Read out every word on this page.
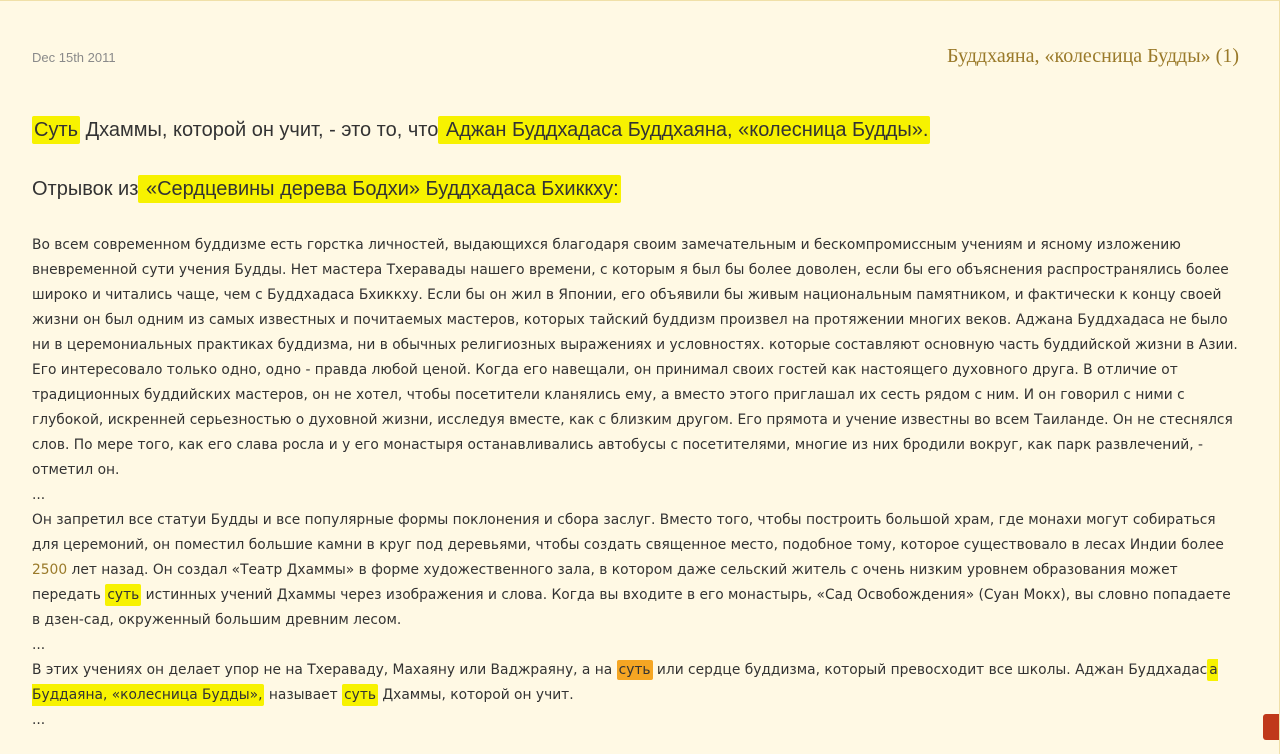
Dec 15th 2011	Буддхаяна, «колесница Будды» (1)
Суть Дхаммы, которой он учит, - это то, что Аджан Буддхадаса Буддхаяна, «колесница Будды».
Отрывок из «Сердцевины дерева Бодхи» Буддхадаса Бхиккху:

Во всем современном буддизме есть горстка личностей, выдающихся благодаря своим замечательным и бескомпромиссным учениям и ясному изложению вневременной сути учения Будды. Нет мастера Тхеравады нашего времени, с которым я был бы более доволен, если бы его объяснения распространялись более широко и читались чаще, чем с Буддхадаса Бхиккху. Если бы он жил в Японии, его объявили бы живым национальным памятником, и фактически к концу своей жизни он был одним из самых известных и почитаемых мастеров, которых тайский буддизм произвел на протяжении многих веков. Аджана Буддхадаса не было ни в церемониальных практиках буддизма, ни в обычных религиозных выражениях и условностях. которые составляют основную часть буддийской жизни в Азии. Его интересовало только одно, одно - правда любой ценой. Когда его навещали, он принимал своих гостей как настоящего духовного друга. В отличие от традиционных буддийских мастеров, он не хотел, чтобы посетители кланялись ему, а вместо этого приглашал их сесть рядом с ним. И он говорил с ними с глубокой, искренней серьезностью о духовной жизни, исследуя вместе, как с близким другом. Его прямота и учение известны во всем Таиланде. Он не стеснялся слов. По мере того, как его слава росла и у его монастыря останавливались автобусы с посетителями, многие из них бродили вокруг, как парк развлечений, - отметил он.

...

Он запретил все статуи Будды и все популярные формы поклонения и сбора заслуг. Вместо того, чтобы построить большой храм, где монахи могут собираться для церемоний, он поместил большие камни в круг под деревьями, чтобы создать священное место, подобное тому, которое существовало в лесах Индии более 2500 лет назад. Он создал «Театр Дхаммы» в форме художественного зала, в котором даже сельский житель с очень низким уровнем образования может передать суть истинных учений Дхаммы через изображения и слова. Когда вы входите в его монастырь, «Сад Освобождения» (Суан Мокх), вы словно попадаете в дзен-сад, окруженный большим древним лесом.

...

В этих учениях он делает упор не на Тхераваду, Махаяну или Ваджраяну, а на суть или сердце буддизма, который превосходит все школы. Аджан Буддхадас а Буддаяна, «колесница Будды», называет суть Дхаммы, которой он учит.

...
